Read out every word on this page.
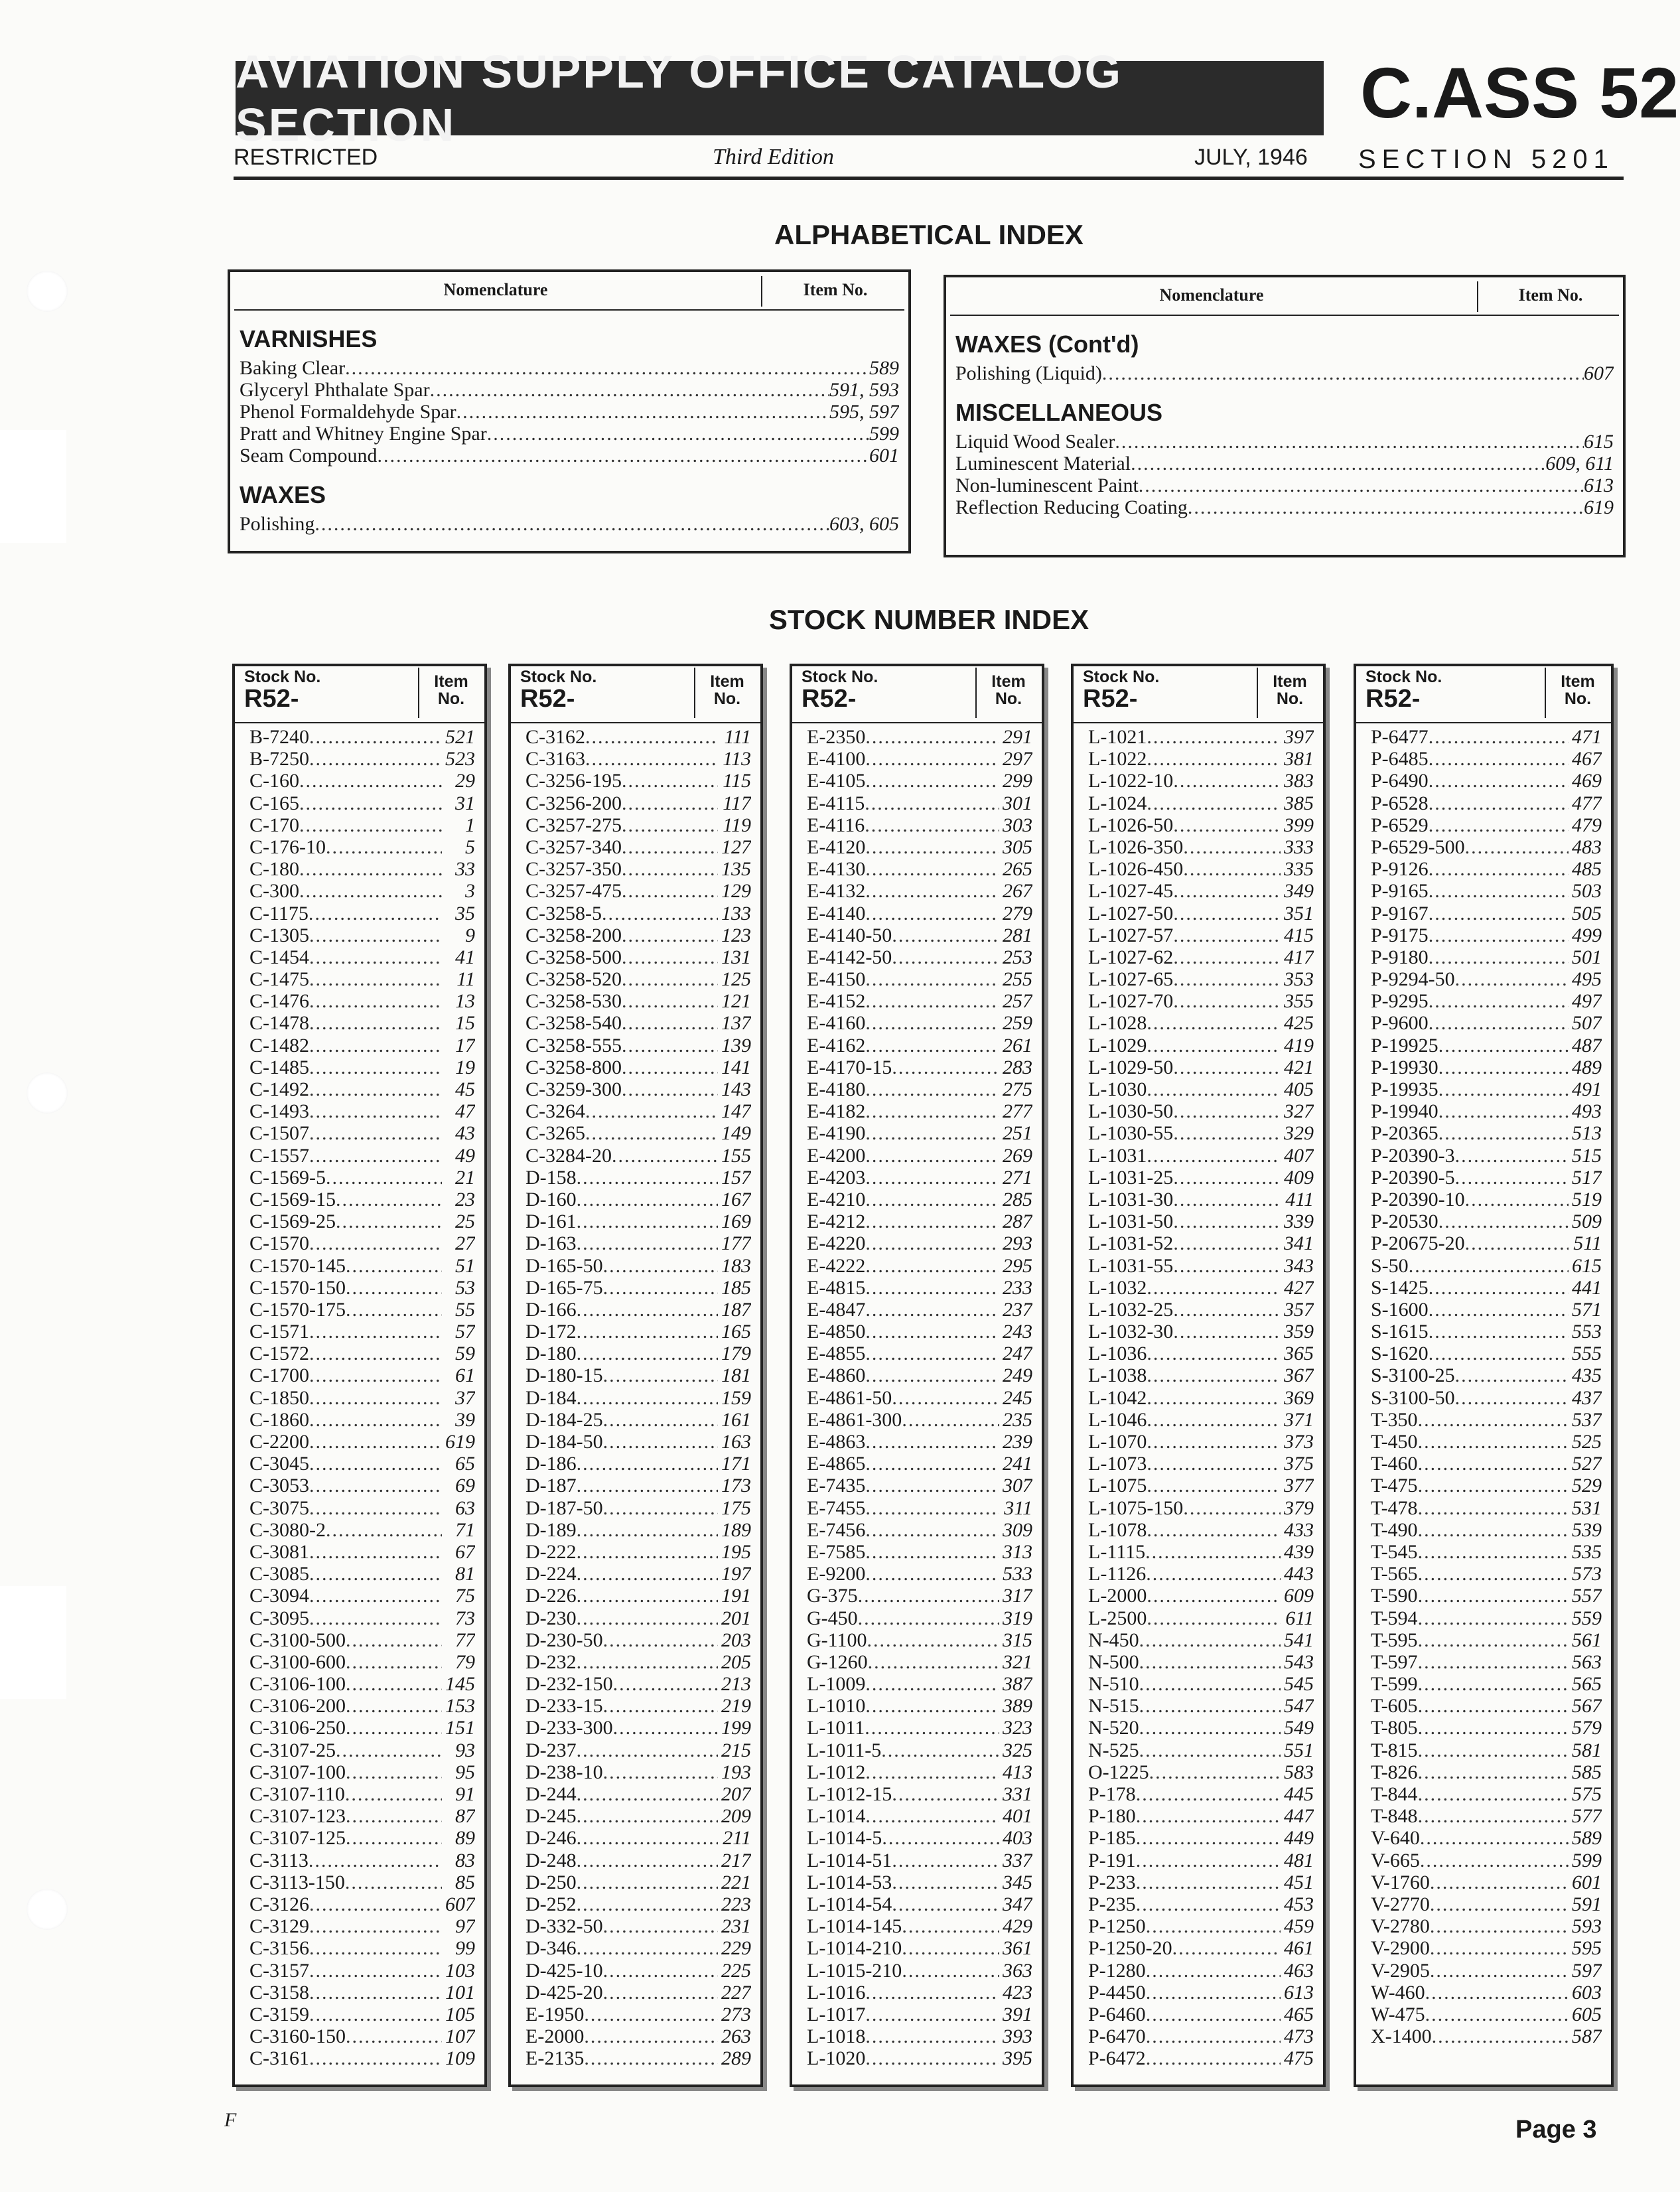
AVIATION SUPPLY OFFICE CATALOG SECTION	C.ASS 52
RESTRICTED	Third Edition	JULY, 1946 SECTION 5201
ALPHABETICAL INDEX
Nomenclature	Item No.
VARNISHES
Baking Clear .....	589
Glyceryl Phthalate Spar .....	591, 593
Phenol Formaldehyde Spar .....	595, 597
Pratt and Whitney Engine Spar .....	599
Seam Compound .....	601
WAXES
Polishing .....	603, 605
Nomenclature	Item No.
WAXES (Cont'd)
Polishing (Liquid) .....	607
MISCELLANEOUS
Liquid Wood Sealer .....	615
Luminescent Material .....	609, 611
Non-luminescent Paint .....	613
Reflection Reducing Coating .....	619
STOCK NUMBER INDEX
Stock No.
R52-
Item
No.
B-7240 .....	521
B-7250 .....	523
C-160 .....	29
C-165 .....	31
C-170 .....	1
C-176-10 .....	5
C-180 .....	33
C-300 .....	3
C-1175 .....	35
C-1305 .....	9
C-1454 .....	41
C-1475 .....	11
C-1476 .....	13
C-1478 .....	15
C-1482 .....	17
C-1485 .....	19
C-1492 .....	45
C-1493 .....	47
C-1507 .....	43
C-1557 .....	49
C-1569-5 .....	21
C-1569-15 .....	23
C-1569-25 .....	25
C-1570 .....	27
C-1570-145 .....	51
C-1570-150 .....	53
C-1570-175 .....	55
C-1571 .....	57
C-1572 .....	59
C-1700 .....	61
C-1850 .....	37
C-1860 .....	39
C-2200 .....	619
C-3045 .....	65
C-3053 .....	69
C-3075 .....	63
C-3080-2 .....	71
C-3081 .....	67
C-3085 .....	81
C-3094 .....	75
C-3095 .....	73
C-3100-500 .....	77
C-3100-600 .....	79
C-3106-100 .....	145
C-3106-200 .....	153
C-3106-250 .....	151
C-3107-25 .....	93
C-3107-100 .....	95
C-3107-110 .....	91
C-3107-123 .....	87
C-3107-125 .....	89
C-3113 .....	83
C-3113-150 .....	85
C-3126 .....	607
C-3129 .....	97
C-3156 .....	99
C-3157 .....	103
C-3158 .....	101
C-3159 .....	105
C-3160-150 .....	107
C-3161 .....	109
Stock No.
R52-
Item
No.
C-3162 .....	111
C-3163 .....	113
C-3256-195 .....	115
C-3256-200 .....	117
C-3257-275 .....	119
C-3257-340 .....	127
C-3257-350 .....	135
C-3257-475 .....	129
C-3258-5 .....	133
C-3258-200 .....	123
C-3258-500 .....	131
C-3258-520 .....	125
C-3258-530 .....	121
C-3258-540 .....	137
C-3258-555 .....	139
C-3258-800 .....	141
C-3259-300 .....	143
C-3264 .....	147
C-3265 .....	149
C-3284-20 .....	155
D-158 .....	157
D-160 .....	167
D-161 .....	169
D-163 .....	177
D-165-50 .....	183
D-165-75 .....	185
D-166 .....	187
D-172 .....	165
D-180 .....	179
D-180-15 .....	181
D-184 .....	159
D-184-25 .....	161
D-184-50 .....	163
D-186 .....	171
D-187 .....	173
D-187-50 .....	175
D-189 .....	189
D-222 .....	195
D-224 .....	197
D-226 .....	191
D-230 .....	201
D-230-50 .....	203
D-232 .....	205
D-232-150 .....	213
D-233-15 .....	219
D-233-300 .....	199
D-237 .....	215
D-238-10 .....	193
D-244 .....	207
D-245 .....	209
D-246 .....	211
D-248 .....	217
D-250 .....	221
D-252 .....	223
D-332-50 .....	231
D-346 .....	229
D-425-10 .....	225
D-425-20 .....	227
E-1950 .....	273
E-2000 .....	263
E-2135 .....	289
Stock No.
R52-
Item
No.
E-2350 .....	291
E-4100 .....	297
E-4105 .....	299
E-4115 .....	301
E-4116 .....	303
E-4120 .....	305
E-4130 .....	265
E-4132 .....	267
E-4140 .....	279
E-4140-50 .....	281
E-4142-50 .....	253
E-4150 .....	255
E-4152 .....	257
E-4160 .....	259
E-4162 .....	261
E-4170-15 .....	283
E-4180 .....	275
E-4182 .....	277
E-4190 .....	251
E-4200 .....	269
E-4203 .....	271
E-4210 .....	285
E-4212 .....	287
E-4220 .....	293
E-4222 .....	295
E-4815 .....	233
E-4847 .....	237
E-4850 .....	243
E-4855 .....	247
E-4860 .....	249
E-4861-50 .....	245
E-4861-300 .....	235
E-4863 .....	239
E-4865 .....	241
E-7435 .....	307
E-7455 .....	311
E-7456 .....	309
E-7585 .....	313
E-9200 .....	533
G-375 .....	317
G-450 .....	319
G-1100 .....	315
G-1260 .....	321
L-1009 .....	387
L-1010 .....	389
L-1011 .....	323
L-1011-5 .....	325
L-1012 .....	413
L-1012-15 .....	331
L-1014 .....	401
L-1014-5 .....	403
L-1014-51 .....	337
L-1014-53 .....	345
L-1014-54 .....	347
L-1014-145 .....	429
L-1014-210 .....	361
L-1015-210 .....	363
L-1016 .....	423
L-1017 .....	391
L-1018 .....	393
L-1020 .....	395
Stock No.
R52-
Item
No.
L-1021 .....	397
L-1022 .....	381
L-1022-10 .....	383
L-1024 .....	385
L-1026-50 .....	399
L-1026-350 .....	333
L-1026-450 .....	335
L-1027-45 .....	349
L-1027-50 .....	351
L-1027-57 .....	415
L-1027-62 .....	417
L-1027-65 .....	353
L-1027-70 .....	355
L-1028 .....	425
L-1029 .....	419
L-1029-50 .....	421
L-1030 .....	405
L-1030-50 .....	327
L-1030-55 .....	329
L-1031 .....	407
L-1031-25 .....	409
L-1031-30 .....	411
L-1031-50 .....	339
L-1031-52 .....	341
L-1031-55 .....	343
L-1032 .....	427
L-1032-25 .....	357
L-1032-30 .....	359
L-1036 .....	365
L-1038 .....	367
L-1042 .....	369
L-1046 .....	371
L-1070 .....	373
L-1073 .....	375
L-1075 .....	377
L-1075-150 .....	379
L-1078 .....	433
L-1115 .....	439
L-1126 .....	443
L-2000 .....	609
L-2500 .....	611
N-450 .....	541
N-500 .....	543
N-510 .....	545
N-515 .....	547
N-520 .....	549
N-525 .....	551
O-1225 .....	583
P-178 .....	445
P-180 .....	447
P-185 .....	449
P-191 .....	481
P-233 .....	451
P-235 .....	453
P-1250 .....	459
P-1250-20 .....	461
P-1280 .....	463
P-4450 .....	613
P-6460 .....	465
P-6470 .....	473
P-6472 .....	475
Stock No.
R52-
Item
No.
P-6477 .....	471
P-6485 .....	467
P-6490 .....	469
P-6528 .....	477
P-6529 .....	479
P-6529-500 .....	483
P-9126 .....	485
P-9165 .....	503
P-9167 .....	505
P-9175 .....	499
P-9180 .....	501
P-9294-50 .....	495
P-9295 .....	497
P-9600 .....	507
P-19925 .....	487
P-19930 .....	489
P-19935 .....	491
P-19940 .....	493
P-20365 .....	513
P-20390-3 .....	515
P-20390-5 .....	517
P-20390-10 .....	519
P-20530 .....	509
P-20675-20 .....	511
S-50 .....	615
S-1425 .....	441
S-1600 .....	571
S-1615 .....	553
S-1620 .....	555
S-3100-25 .....	435
S-3100-50 .....	437
T-350 .....	537
T-450 .....	525
T-460 .....	527
T-475 .....	529
T-478 .....	531
T-490 .....	539
T-545 .....	535
T-565 .....	573
T-590 .....	557
T-594 .....	559
T-595 .....	561
T-597 .....	563
T-599 .....	565
T-605 .....	567
T-805 .....	579
T-815 .....	581
T-826 .....	585
T-844 .....	575
T-848 .....	577
V-640 .....	589
V-665 .....	599
V-1760 .....	601
V-2770 .....	591
V-2780 .....	593
V-2900 .....	595
V-2905 .....	597
W-460 .....	603
W-475 .....	605
X-1400 .....	587
F	Page 3
